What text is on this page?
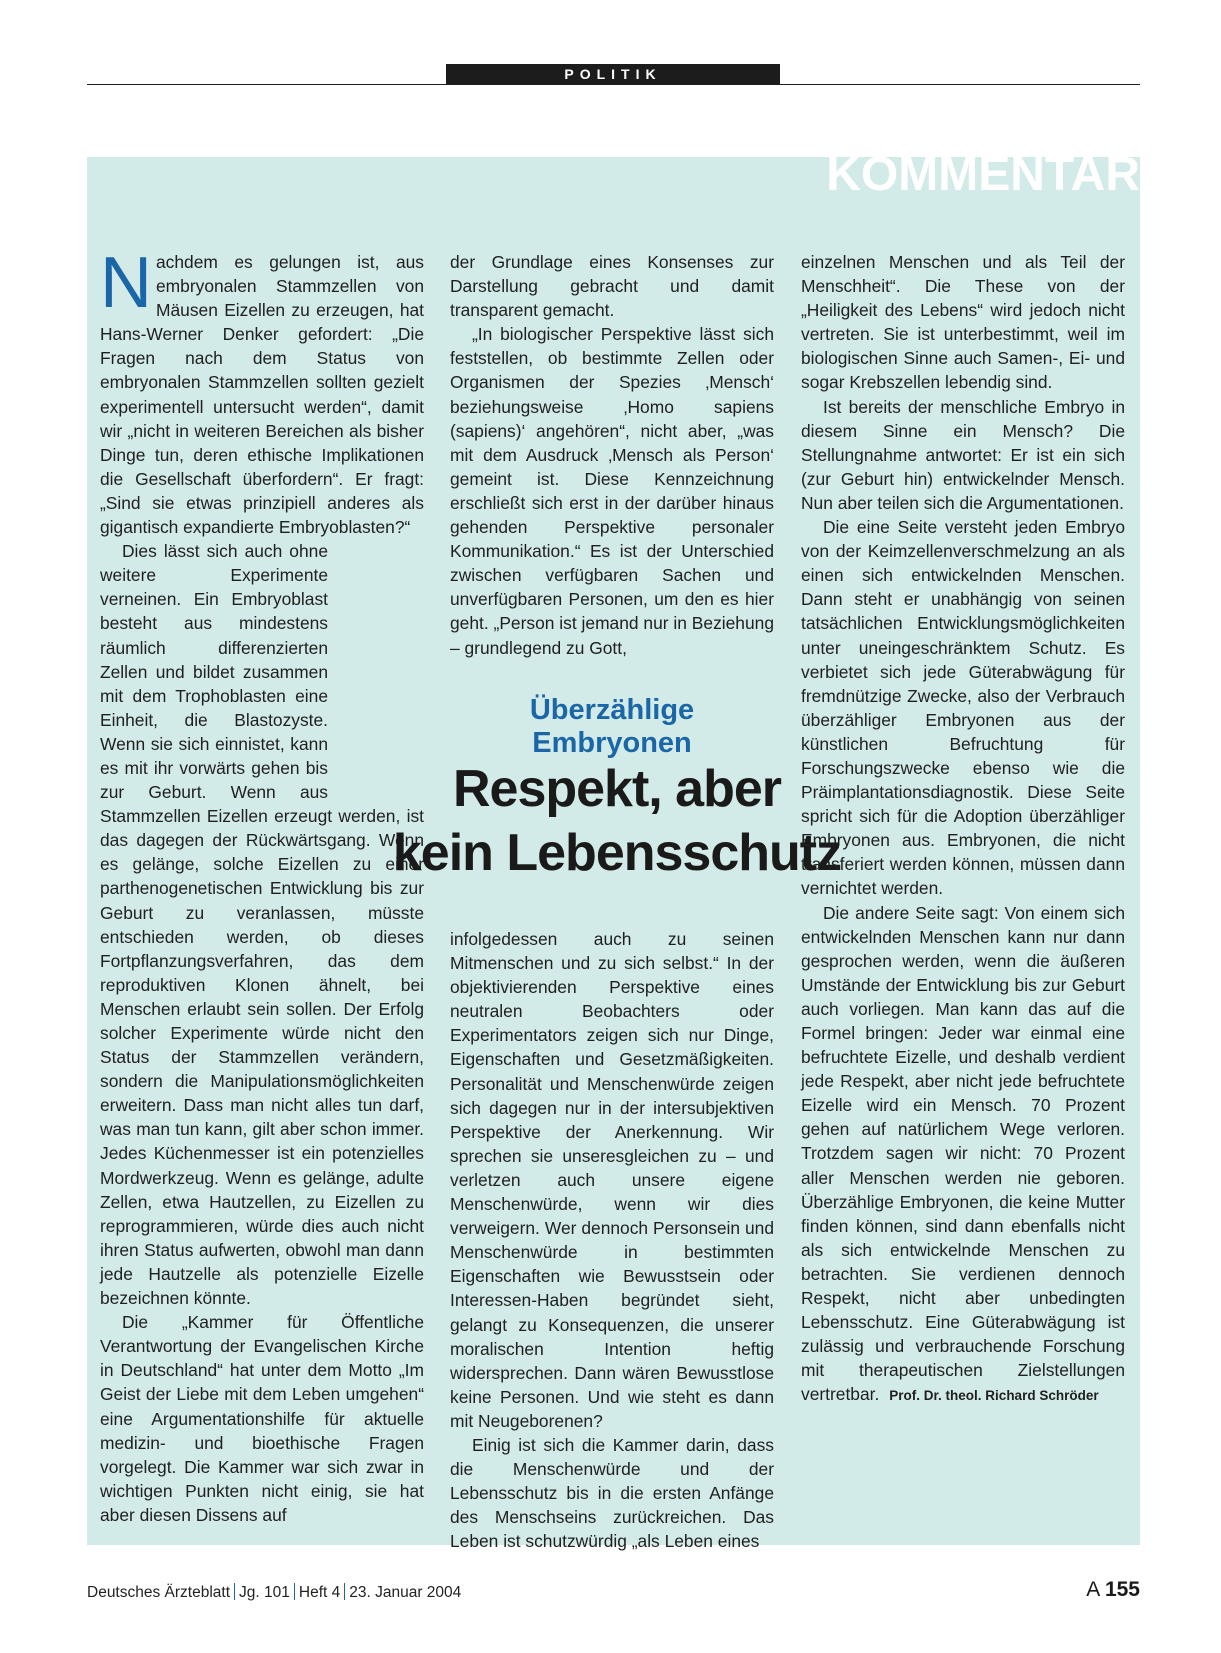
POLITIK
KOMMENTAR

Nachdem es gelungen ist, aus embryonalen Stammzellen von Mäusen Eizellen zu erzeugen, hat Hans-Werner Denker gefordert: „Die Fragen nach dem Status von embryonalen Stammzellen sollten gezielt experimentell untersucht werden“, damit wir „nicht in weiteren Bereichen als bisher Dinge tun, deren ethische Implikationen die Gesellschaft überfordern“. Er fragt: „Sind sie etwas prinzipiell anderes als gigantisch expandierte Embryoblasten?“

Dies lässt sich auch ohne weitere Experimente verneinen. Ein Embryoblast besteht aus mindestens räumlich differenzierten Zellen und bildet zusammen mit dem Trophoblasten eine Einheit, die Blastozyste. Wenn sie sich einnistet, kann es mit ihr vorwärts gehen bis zur Geburt. Wenn aus Stammzellen Eizellen erzeugt werden, ist das dagegen der Rückwärtsgang. Wenn es gelänge, solche Eizellen zu einer parthenogenetischen Entwicklung bis zur Geburt zu veranlassen, müsste entschieden werden, ob dieses Fortpflanzungsverfahren, das dem reproduktiven Klonen ähnelt, bei Menschen erlaubt sein sollen. Der Erfolg solcher Experimente würde nicht den Status der Stammzellen verändern, sondern die Manipulationsmöglichkeiten erweitern. Dass man nicht alles tun darf, was man tun kann, gilt aber schon immer. Jedes Küchenmesser ist ein potenzielles Mordwerkzeug. Wenn es gelänge, adulte Zellen, etwa Hautzellen, zu Eizellen zu reprogrammieren, würde dies auch nicht ihren Status aufwerten, obwohl man dann jede Hautzelle als potenzielle Eizelle bezeichnen könnte.

Die „Kammer für Öffentliche Verantwortung der Evangelischen Kirche in Deutschland“ hat unter dem Motto „Im Geist der Liebe mit dem Leben umgehen“ eine Argumentationshilfe für aktuelle medizin- und bioethische Fragen vorgelegt. Die Kammer war sich zwar in wichtigen Punkten nicht einig, sie hat aber diesen Dissens auf

der Grundlage eines Konsenses zur Darstellung gebracht und damit transparent gemacht.

„In biologischer Perspektive lässt sich feststellen, ob bestimmte Zellen oder Organismen der Spezies ‚Mensch‘ beziehungsweise ‚Homo sapiens (sapiens)‘ angehören“, nicht aber, „was mit dem Ausdruck ‚Mensch als Person‘ gemeint ist. Diese Kennzeichnung erschließt sich erst in der darüber hinaus gehenden Perspektive personaler Kommunikation.“ Es ist der Unterschied zwischen verfügbaren Sachen und unverfügbaren Personen, um den es hier geht. „Person ist jemand nur in Beziehung – grundlegend zu Gott,

Überzählige Embryonen
Respekt, aber
kein Lebensschutz

infolgedessen auch zu seinen Mitmenschen und zu sich selbst.“ In der objektivierenden Perspektive eines neutralen Beobachters oder Experimentators zeigen sich nur Dinge, Eigenschaften und Gesetzmäßigkeiten. Personalität und Menschenwürde zeigen sich dagegen nur in der intersubjektiven Perspektive der Anerkennung. Wir sprechen sie unseresgleichen zu – und verletzen auch unsere eigene Menschenwürde, wenn wir dies verweigern. Wer dennoch Personsein und Menschenwürde in bestimmten Eigenschaften wie Bewusstsein oder Interessen-Haben begründet sieht, gelangt zu Konsequenzen, die unserer moralischen Intention heftig widersprechen. Dann wären Bewusstlose keine Personen. Und wie steht es dann mit Neugeborenen?

Einig ist sich die Kammer darin, dass die Menschenwürde und der Lebensschutz bis in die ersten Anfänge des Menschseins zurückreichen. Das Leben ist schutzwürdig „als Leben eines

einzelnen Menschen und als Teil der Menschheit“. Die These von der „Heiligkeit des Lebens“ wird jedoch nicht vertreten. Sie ist unterbestimmt, weil im biologischen Sinne auch Samen-, Ei- und sogar Krebszellen lebendig sind.

Ist bereits der menschliche Embryo in diesem Sinne ein Mensch? Die Stellungnahme antwortet: Er ist ein sich (zur Geburt hin) entwickelnder Mensch. Nun aber teilen sich die Argumentationen.

Die eine Seite versteht jeden Embryo von der Keimzellenverschmelzung an als einen sich entwickelnden Menschen. Dann steht er unabhängig von seinen tatsächlichen Entwicklungsmöglichkeiten unter uneingeschränktem Schutz. Es verbietet sich jede Güterabwägung für fremdnützige Zwecke, also der Verbrauch überzähliger Embryonen aus der künstlichen Befruchtung für Forschungszwecke ebenso wie die Präimplantationsdiagnostik. Diese Seite spricht sich für die Adoption überzähliger Embryonen aus. Embryonen, die nicht transferiert werden können, müssen dann vernichtet werden.

Die andere Seite sagt: Von einem sich entwickelnden Menschen kann nur dann gesprochen werden, wenn die äußeren Umstände der Entwicklung bis zur Geburt auch vorliegen. Man kann das auf die Formel bringen: Jeder war einmal eine befruchtete Eizelle, und deshalb verdient jede Respekt, aber nicht jede befruchtete Eizelle wird ein Mensch. 70 Prozent gehen auf natürlichem Wege verloren. Trotzdem sagen wir nicht: 70 Prozent aller Menschen werden nie geboren. Überzählige Embryonen, die keine Mutter finden können, sind dann ebenfalls nicht als sich entwickelnde Menschen zu betrachten. Sie verdienen dennoch Respekt, nicht aber unbedingten Lebensschutz. Eine Güterabwägung ist zulässig und verbrauchende Forschung mit therapeutischen Zielstellungen vertretbar. Prof. Dr. theol. Richard Schröder

Deutsches Ärzteblatt Jg. 101 Heft 4 23. Januar 2004	A 155
